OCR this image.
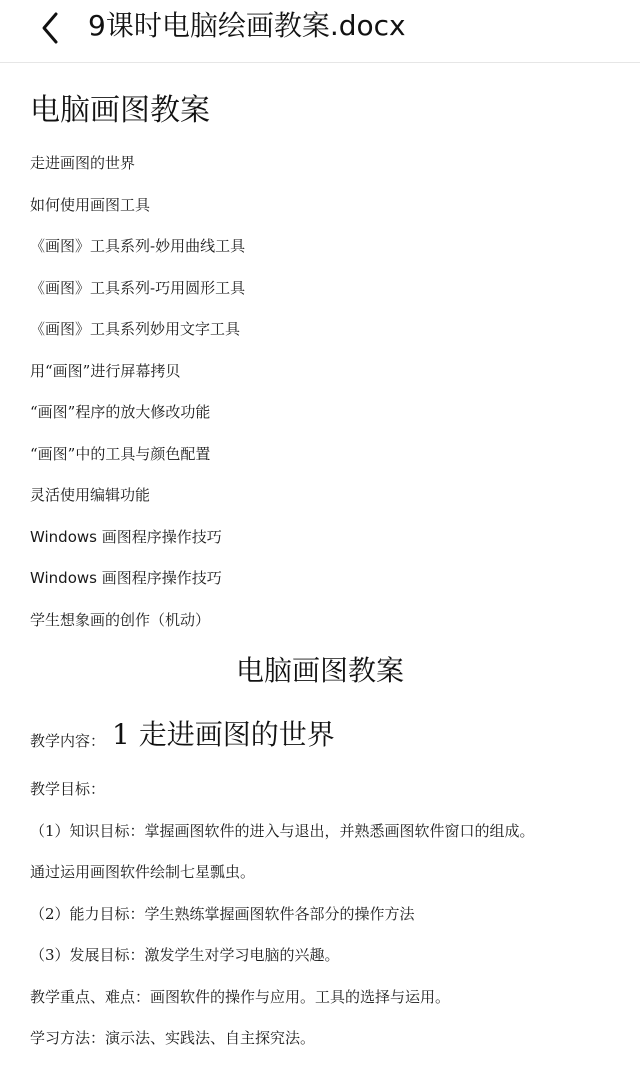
9课时电脑绘画教案.docx
电脑画图教案
走进画图的世界
如何使用画图工具
《画图》工具系列-妙用曲线工具
《画图》工具系列-巧用圆形工具
《画图》工具系列妙用文字工具
用“画图”进行屏幕拷贝
“画图”程序的放大修改功能
“画图”中的工具与颜色配置
灵活使用编辑功能
Windows 画图程序操作技巧
Windows 画图程序操作技巧
学生想象画的创作（机动）
电脑画图教案
教学内容： 1 走进画图的世界
教学目标：
（1）知识目标：掌握画图软件的进入与退出，并熟悉画图软件窗口的组成。
通过运用画图软件绘制七星瓢虫。
（2）能力目标：学生熟练掌握画图软件各部分的操作方法
（3）发展目标：激发学生对学习电脑的兴趣。
教学重点、难点：画图软件的操作与应用。工具的选择与运用。
学习方法：演示法、实践法、自主探究法。
